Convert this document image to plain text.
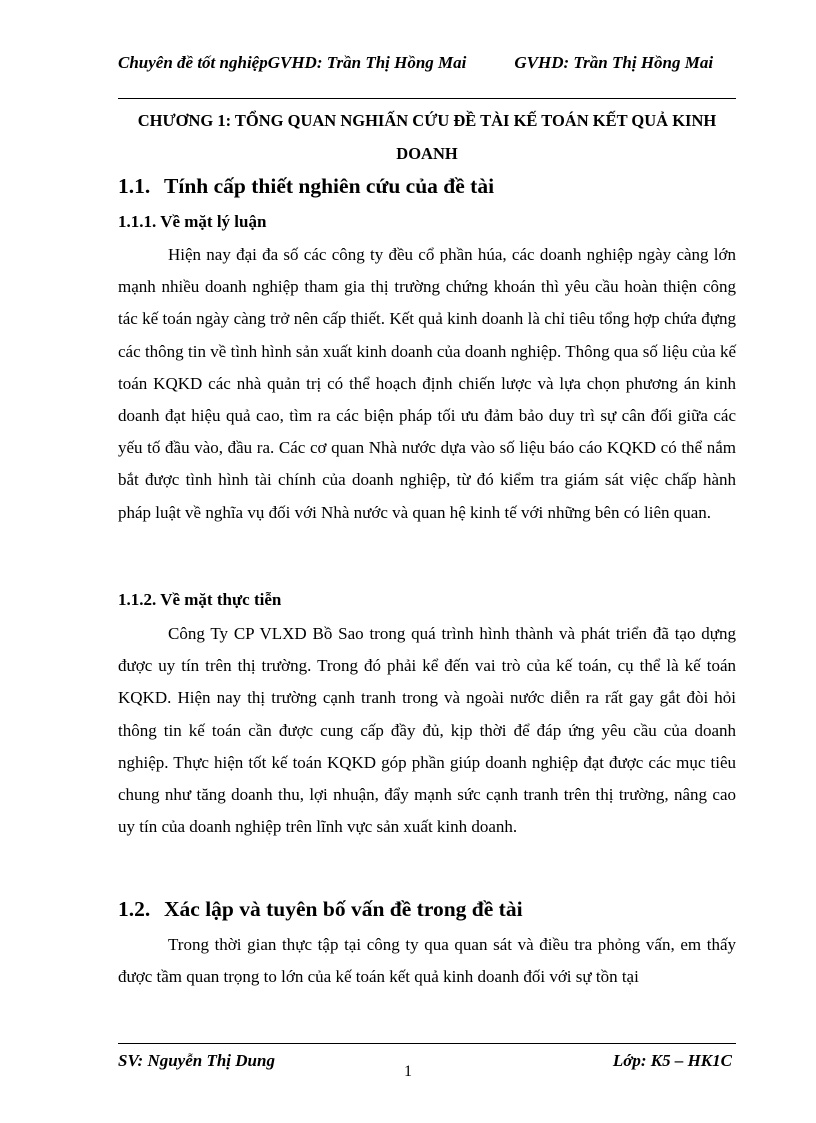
Chuyên đề tốt nghiệpGVHD: Trần Thị Hồng Mai	GVHD: Trần Thị Hồng Mai
CHƯƠNG 1: TỔNG QUAN NGHIẤN CỨU ĐỀ TÀI KẾ TOÁN KẾT QUẢ KINH DOANH
1.1. Tính cấp thiết nghiên cứu của đề tài
1.1.1. Về mặt lý luận

Hiện nay đại đa số các công ty đều cổ phần húa, các doanh nghiệp ngày càng lớn mạnh nhiều doanh nghiệp tham gia thị trường chứng khoán thì yêu cầu hoàn thiện công tác kế toán ngày càng trở nên cấp thiết. Kết quả kinh doanh là chỉ tiêu tổng hợp chứa đựng các thông tin về tình hình sản xuất kinh doanh của doanh nghiệp. Thông qua số liệu của kế toán KQKD các nhà quản trị có thể hoạch định chiến lược và lựa chọn phương án kinh doanh đạt hiệu quả cao, tìm ra các biện pháp tối ưu đảm bảo duy trì sự cân đối giữa các yếu tố đầu vào, đầu ra. Các cơ quan Nhà nước dựa vào số liệu báo cáo KQKD có thể nắm bắt được tình hình tài chính của doanh nghiệp, từ đó kiểm tra giám sát việc chấp hành pháp luật về nghĩa vụ đối với Nhà nước và quan hệ kinh tế với những bên có liên quan.

1.1.2. Về mặt thực tiễn

Công Ty CP VLXD Bồ Sao trong quá trình hình thành và phát triển đã tạo dựng được uy tín trên thị trường. Trong đó phải kể đến vai trò của kế toán, cụ thể là kế toán KQKD. Hiện nay thị trường cạnh tranh trong và ngoài nước diễn ra rất gay gắt đòi hỏi thông tin kế toán cần được cung cấp đầy đủ, kịp thời để đáp ứng yêu cầu của doanh nghiệp. Thực hiện tốt kế toán KQKD góp phần giúp doanh nghiệp đạt được các mục tiêu chung như tăng doanh thu, lợi nhuận, đẩy mạnh sức cạnh tranh trên thị trường, nâng cao uy tín của doanh nghiệp trên lĩnh vực sản xuất kinh doanh.

1.2. Xác lập và tuyên bố vấn đề trong đề tài

Trong thời gian thực tập tại công ty qua quan sát và điều tra phỏng vấn, em thấy được tầm quan trọng to lớn của kế toán kết quả kinh doanh đối với sự tồn tại

SV: Nguyễn Thị Dung
1
Lớp: K5 – HK1C
